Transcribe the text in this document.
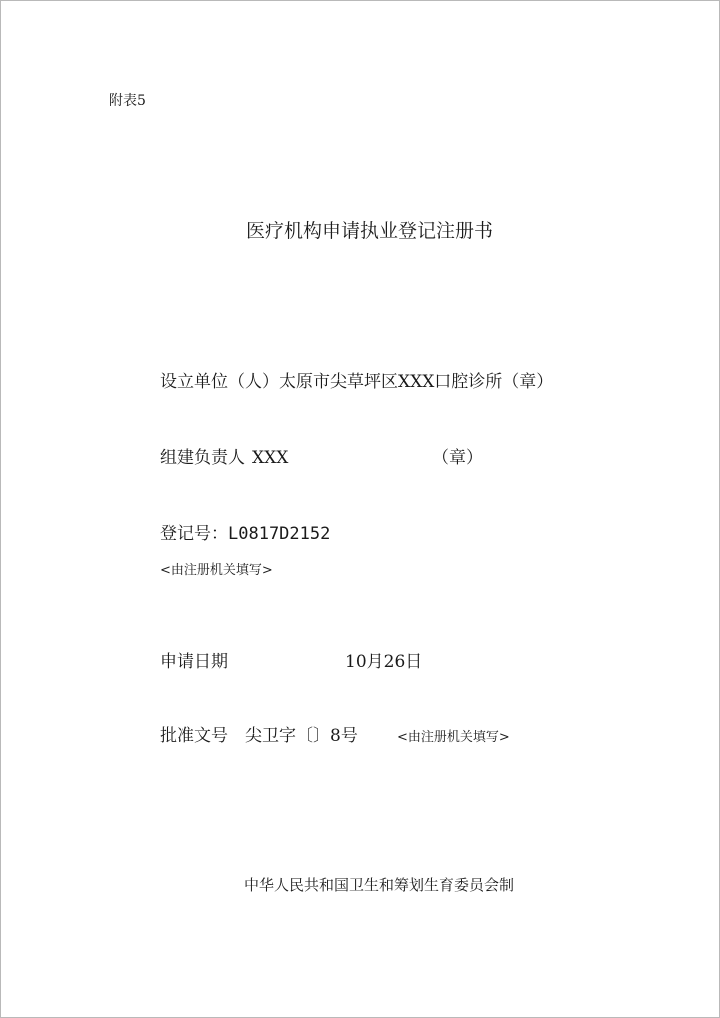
附表5
医疗机构申请执业登记注册书
设立单位（人）太原市尖草坪区XXX口腔诊所（章）
组建负责人 XXX	（章）
登记号： L0817D2152
<由注册机关填写>
申请日期	10月26日
批准文号 尖卫字〔〕8号	<由注册机关填写>
中华人民共和国卫生和筹划生育委员会制
